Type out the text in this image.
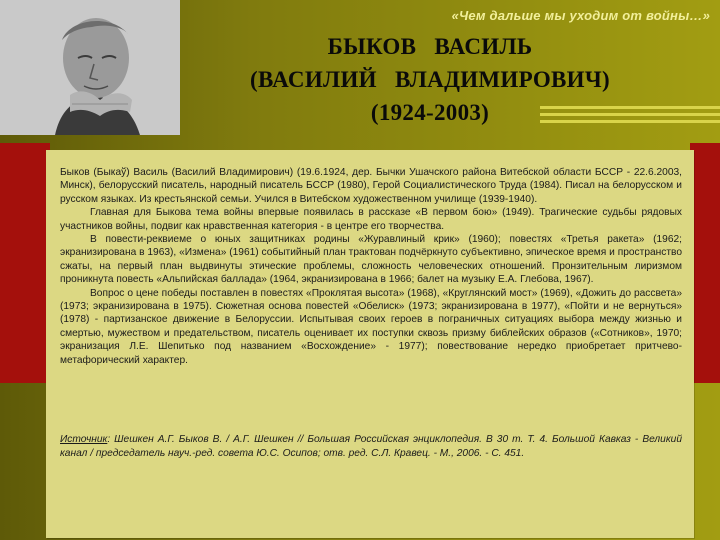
«Чем дальше мы уходим от войны…»
БЫКОВ   ВАСИЛЬ
(ВАСИЛИЙ   ВЛАДИМИРОВИЧ)
(1924-2003)

Быков (Быкаў) Василь (Василий Владимирович) (19.6.1924, дер. Бычки Ушачского района Витебской области БССР - 22.6.2003, Минск), белорусский писатель, народный писатель БССР (1980), Герой Социалистического Труда (1984). Писал на белорусском и русском языках. Из крестьянской семьи. Учился в Витебском художественном училище (1939-1940).

Главная для Быкова тема войны впервые появилась в рассказе «В первом бою» (1949). Трагические судьбы рядовых участников войны, подвиг как нравственная категория - в центре его творчества.

В повести-реквиеме о юных защитниках родины «Журавлиный крик» (1960); повестях «Третья ракета» (1962; экранизирована в 1963), «Измена» (1961) событийный план трактован подчёркнуто субъективно, эпическое время и пространство сжаты, на первый план выдвинуты этические проблемы, сложность человеческих отношений. Пронзительным лиризмом проникнута повесть «Альпийская баллада» (1964, экранизирована в 1966; балет на музыку Е.А. Глебова, 1967).

Вопрос о цене победы поставлен в повестях «Проклятая высота» (1968), «Круглянский мост» (1969), «Дожить до рассвета» (1973; экранизирована в 1975). Сюжетная основа повестей «Обелиск» (1973; экранизирована в 1977), «Пойти и не вернуться» (1978) - партизанское движение в Белоруссии. Испытывая своих героев в пограничных ситуациях выбора между жизнью и смертью, мужеством и предательством, писатель оценивает их поступки сквозь призму библейских образов («Сотников», 1970; экранизация Л.Е. Шепитько под названием «Восхождение» - 1977); повествование нередко приобретает притчево-метафорический характер.

Источник: Шешкен А.Г. Быков В. / А.Г. Шешкен // Большая Российская энциклопедия. В 30 т. Т. 4. Большой Кавказ - Великий канал / председатель науч.-ред. совета Ю.С. Осипов; отв. ред. С.Л. Кравец. - М., 2006. - С. 451.
